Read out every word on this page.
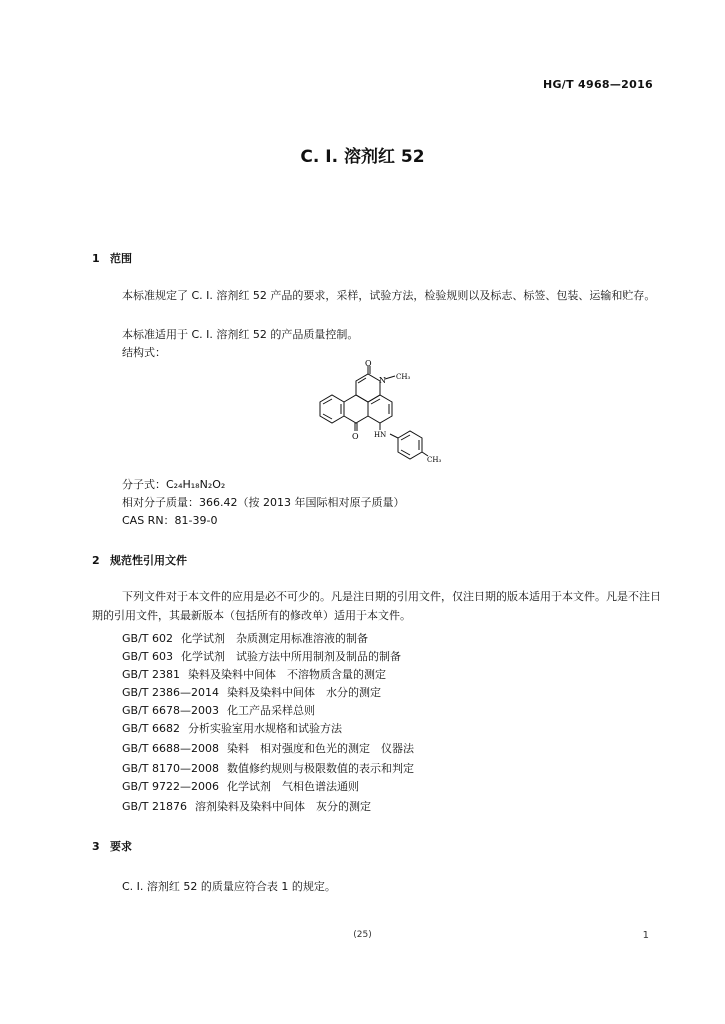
HG/T 4968—2016
C. I. 溶剂红 52
1 范围
本标准规定了 C. I. 溶剂红 52 产品的要求，采样，试验方法，检验规则以及标志、标签、包装、运输和贮存。
本标准适用于 C. I. 溶剂红 52 的产品质量控制。
结构式：
O
N CH₃
O HN
CH₃
分子式：C₂₄H₁₈N₂O₂
相对分子质量：366.42（按 2013 年国际相对原子质量）
CAS RN：81-39-0
2 规范性引用文件
下列文件对于本文件的应用是必不可少的。凡是注日期的引用文件，仅注日期的版本适用于本文件。凡是不注日期的引用文件，其最新版本（包括所有的修改单）适用于本文件。
GB/T 602 化学试剂　杂质测定用标准溶液的制备
GB/T 603 化学试剂　试验方法中所用制剂及制品的制备
GB/T 2381 染料及染料中间体　不溶物质含量的测定
GB/T 2386—2014 染料及染料中间体　水分的测定
GB/T 6678—2003 化工产品采样总则
GB/T 6682 分析实验室用水规格和试验方法
GB/T 6688—2008 染料　相对强度和色光的测定　仪器法
GB/T 8170—2008 数值修约规则与极限数值的表示和判定
GB/T 9722—2006 化学试剂　气相色谱法通则
GB/T 21876 溶剂染料及染料中间体　灰分的测定
3 要求
C. I. 溶剂红 52 的质量应符合表 1 的规定。
(25)	1
